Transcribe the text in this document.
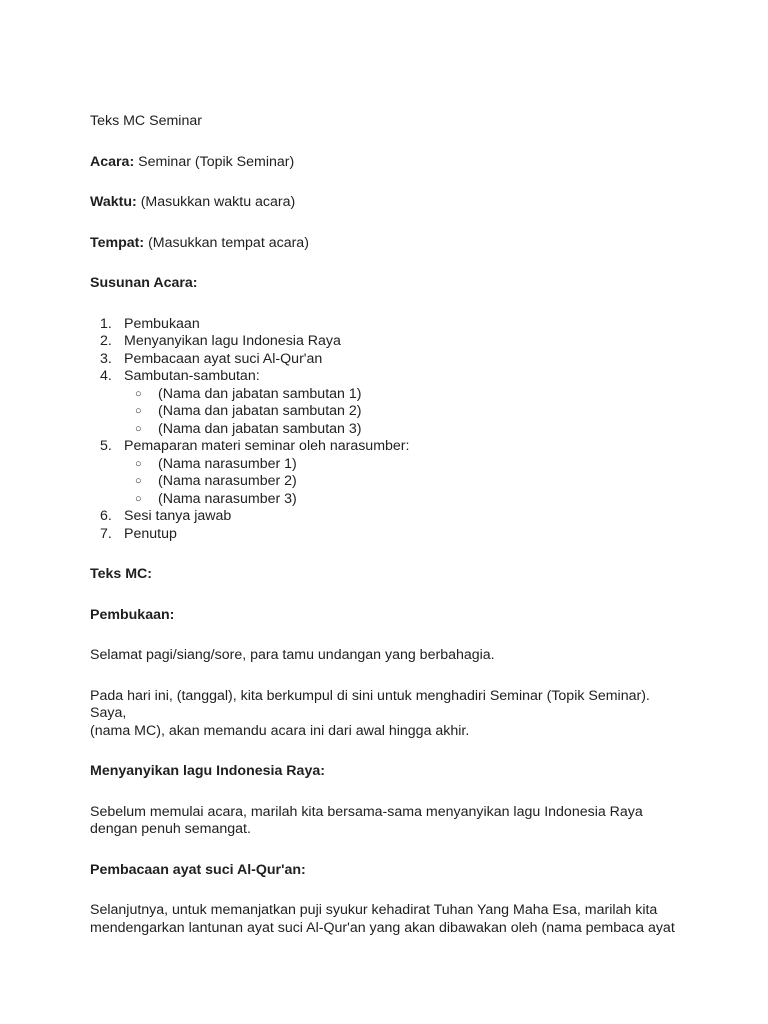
Teks MC Seminar

Acara: Seminar (Topik Seminar)

Waktu: (Masukkan waktu acara)

Tempat: (Masukkan tempat acara)

Susunan Acara:

1. Pembukaan
2. Menyanyikan lagu Indonesia Raya
3. Pembacaan ayat suci Al-Qur'an
4. Sambutan-sambutan:
○ (Nama dan jabatan sambutan 1)
○ (Nama dan jabatan sambutan 2)
○ (Nama dan jabatan sambutan 3)
5. Pemaparan materi seminar oleh narasumber:
○ (Nama narasumber 1)
○ (Nama narasumber 2)
○ (Nama narasumber 3)
6. Sesi tanya jawab
7. Penutup

Teks MC:

Pembukaan:

Selamat pagi/siang/sore, para tamu undangan yang berbahagia.

Pada hari ini, (tanggal), kita berkumpul di sini untuk menghadiri Seminar (Topik Seminar). Saya,

(nama MC), akan memandu acara ini dari awal hingga akhir.

Menyanyikan lagu Indonesia Raya:

Sebelum memulai acara, marilah kita bersama-sama menyanyikan lagu Indonesia Raya

dengan penuh semangat.

Pembacaan ayat suci Al-Qur'an:

Selanjutnya, untuk memanjatkan puji syukur kehadirat Tuhan Yang Maha Esa, marilah kita

mendengarkan lantunan ayat suci Al-Qur'an yang akan dibawakan oleh (nama pembaca ayat
